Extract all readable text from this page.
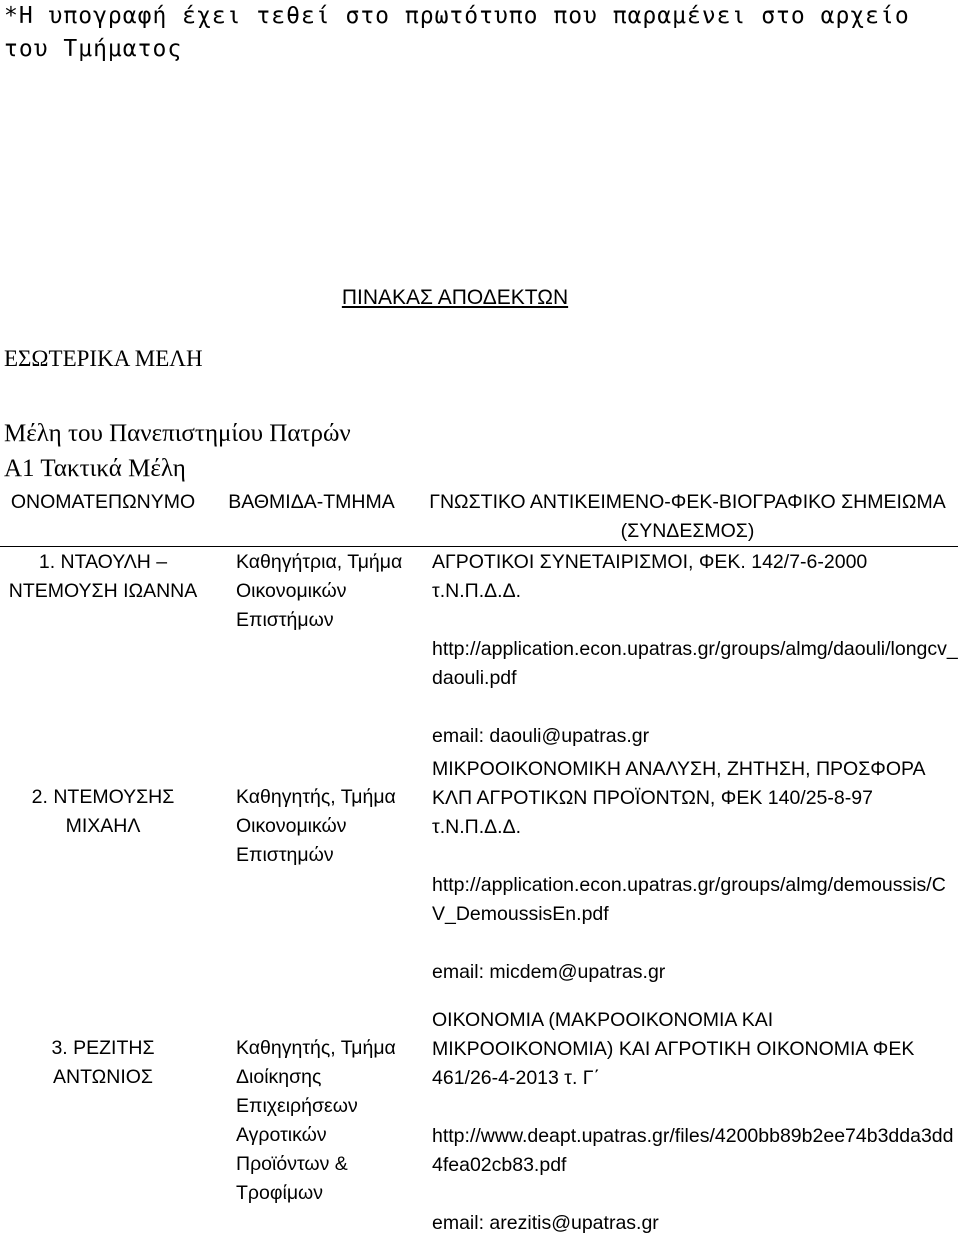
*Η υπογραφή έχει τεθεί στο πρωτότυπο που παραμένει στο αρχείο του Τμήματος
ΠΙΝΑΚΑΣ ΑΠΟΔΕΚΤΩΝ
ΕΣΩΤΕΡΙΚΑ ΜΕΛΗ
Μέλη του Πανεπιστημίου Πατρών
Α1 Τακτικά Μέλη
ΟΝΟΜΑΤΕΠΩΝΥΜΟ	ΒΑΘΜΙΔΑ-ΤΜΗΜΑ	ΓΝΩΣΤΙΚΟ ΑΝΤΙΚΕΙΜΕΝΟ-ΦΕΚ-ΒΙΟΓΡΑΦΙΚΟ ΣΗΜΕΙΩΜΑ (ΣΥΝΔΕΣΜΟΣ)
1. ΝΤΑΟΥΛΗ – ΝΤΕΜΟΥΣΗ ΙΩΑΝΝΑ	Καθηγήτρια, Τμήμα Οικονομικών Επιστήμων	ΑΓΡΟΤΙΚΟΙ ΣΥΝΕΤΑΙΡΙΣΜΟΙ, ΦΕΚ. 142/7-6-2000 τ.Ν.Π.Δ.Δ.
http://application.econ.upatras.gr/groups/almg/daouli/longcv_daouli.pdf
email: daouli@upatras.gr

2. ΝΤΕΜΟΥΣΗΣ ΜΙΧΑΗΛ	Καθηγητής, Τμήμα Οικονομικών Επιστημών	ΜΙΚΡΟΟΙΚΟΝΟΜΙΚΗ ΑΝΑΛΥΣΗ, ΖΗΤΗΣΗ, ΠΡΟΣΦΟΡΑ ΚΛΠ ΑΓΡΟΤΙΚΩΝ ΠΡΟΪΟΝΤΩΝ, ΦΕΚ 140/25-8-97 τ.Ν.Π.Δ.Δ.
http://application.econ.upatras.gr/groups/almg/demoussis/CV_DemoussisEn.pdf
email: micdem@upatras.gr

3. ΡΕΖΙΤΗΣ ΑΝΤΩΝΙΟΣ	Καθηγητής, Τμήμα Διοίκησης Επιχειρήσεων Αγροτικών Προϊόντων & Τροφίμων	ΟΙΚΟΝΟΜΙΑ (ΜΑΚΡΟΟΙΚΟΝΟΜΙΑ ΚΑΙ ΜΙΚΡΟΟΙΚΟΝΟΜΙΑ) ΚΑΙ ΑΓΡΟΤΙΚΗ ΟΙΚΟΝΟΜΙΑ ΦΕΚ 461/26-4-2013 τ. Γ΄
http://www.deapt.upatras.gr/files/4200bb89b2ee74b3dda3dd4fea02cb83.pdf
email: arezitis@upatras.gr
